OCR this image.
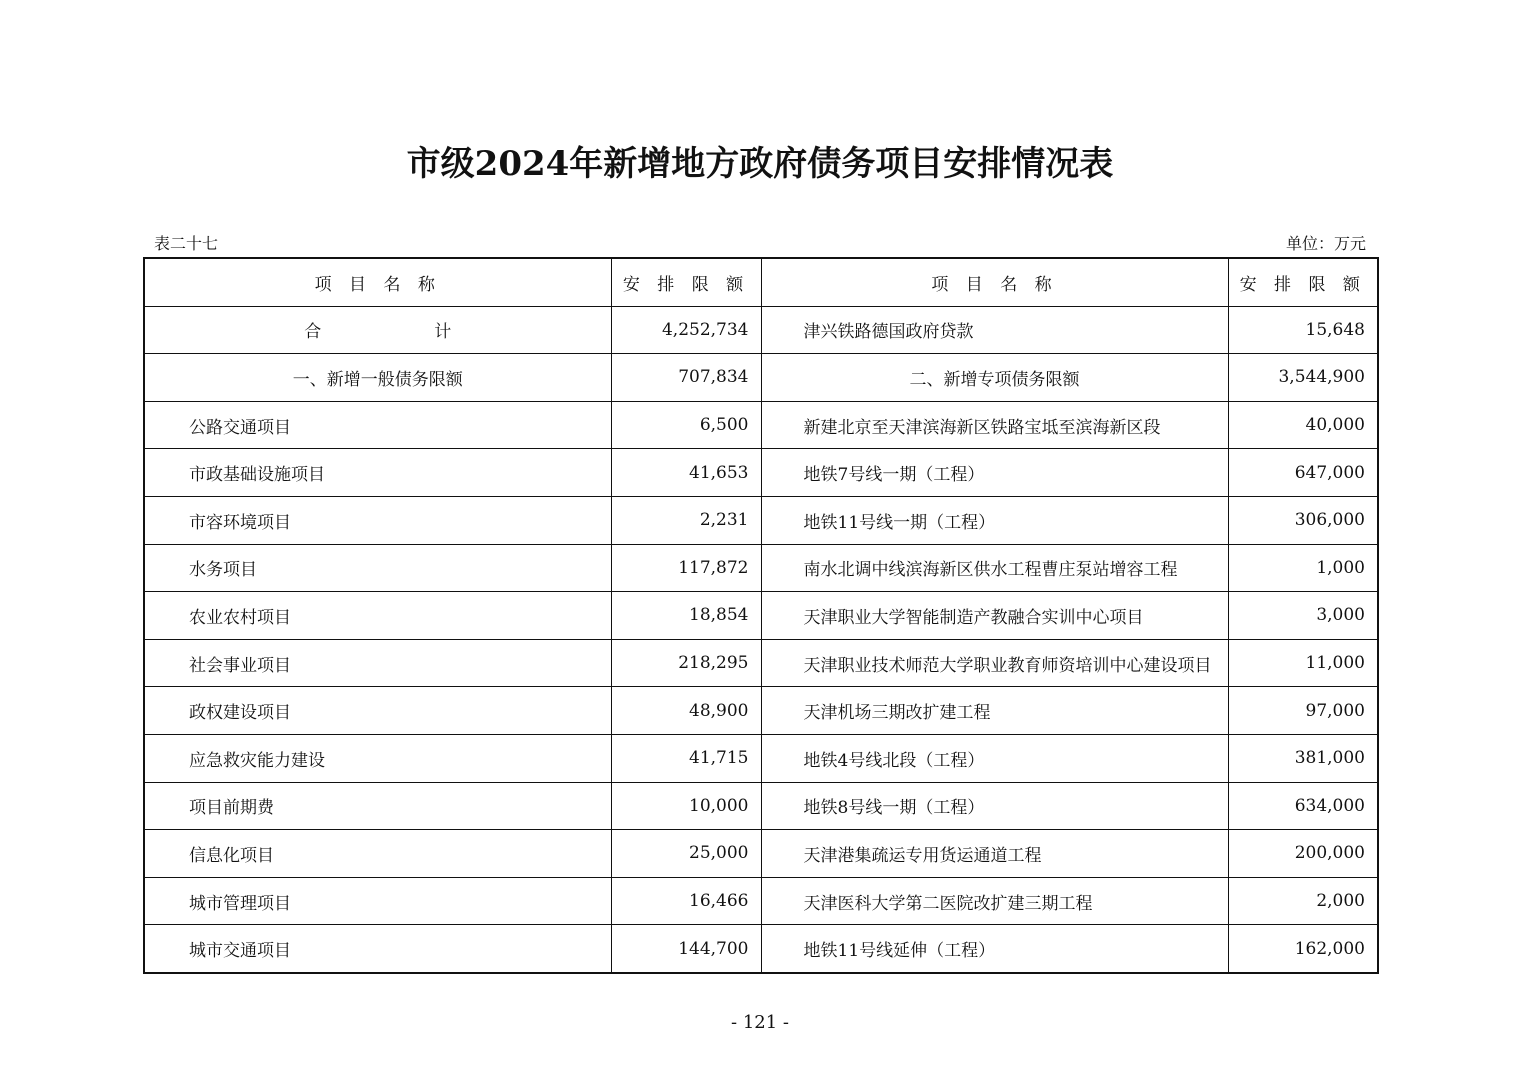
市级2024年新增地方政府债务项目安排情况表
表二十七	单位：万元
项 目 名 称	安 排 限 额	项 目 名 称	安 排 限 额
合　计	4,252,734	津兴铁路德国政府贷款	15,648
一、新增一般债务限额	707,834	二、新增专项债务限额	3,544,900
公路交通项目	6,500	新建北京至天津滨海新区铁路宝坻至滨海新区段	40,000
市政基础设施项目	41,653	地铁7号线一期（工程）	647,000
市容环境项目	2,231	地铁11号线一期（工程）	306,000
水务项目	117,872	南水北调中线滨海新区供水工程曹庄泵站增容工程	1,000
农业农村项目	18,854	天津职业大学智能制造产教融合实训中心项目	3,000
社会事业项目	218,295	天津职业技术师范大学职业教育师资培训中心建设项目	11,000
政权建设项目	48,900	天津机场三期改扩建工程	97,000
应急救灾能力建设	41,715	地铁4号线北段（工程）	381,000
项目前期费	10,000	地铁8号线一期（工程）	634,000
信息化项目	25,000	天津港集疏运专用货运通道工程	200,000
城市管理项目	16,466	天津医科大学第二医院改扩建三期工程	2,000
城市交通项目	144,700	地铁11号线延伸（工程）	162,000
- 121 -
